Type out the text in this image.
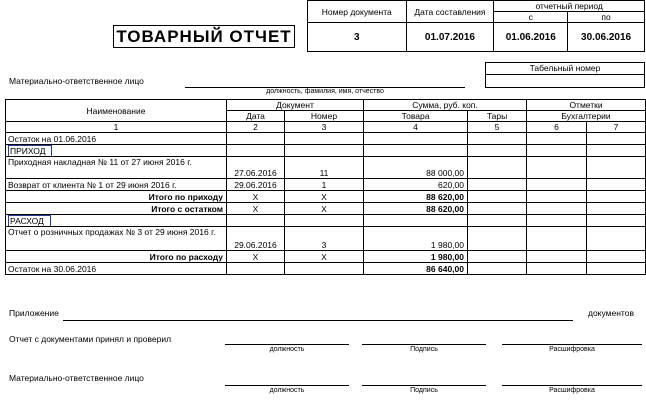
ТОВАРНЫЙ ОТЧЕТ
Номер документа	Дата составления	отчетный период	
		с	по
3	01.07.2016	01.06.2016	30.06.2016
Материально-ответственное лицо
должность, фамилия, имя, отчество
Табельный номер
Наименование	Документ		Сумма, руб. коп.		Отметки	
	Дата	Номер	Товара	Тары	Бухгалтерии	
1	2	3	4	5	6	7
Остаток на 01.06.2016						
ПРИХОД						
Приходная накладная № 11 от 27 июня 2016 г.	27.06.2016	11	88 000,00			
Возврат от клиента № 1 от 29 июня 2016 г.	29.06.2016	1	620,00			
Итого по приходу	X	X	88 620,00			
Итого с остатком	X	X	88 620,00			
РАСХОД						
Отчет о розничных продажах № 3 от 29 июня 2016 г.	29.06.2016	3	1 980,00			
Итого по расходу	X	X	1 980,00			
Остаток на 30.06.2016			86 640,00			
Приложение	документов
Отчет с документами принял и проверил
должность	Подпись	Расшифровка
Материально-ответственное лицо
должность	Подпись	Расшифровка
